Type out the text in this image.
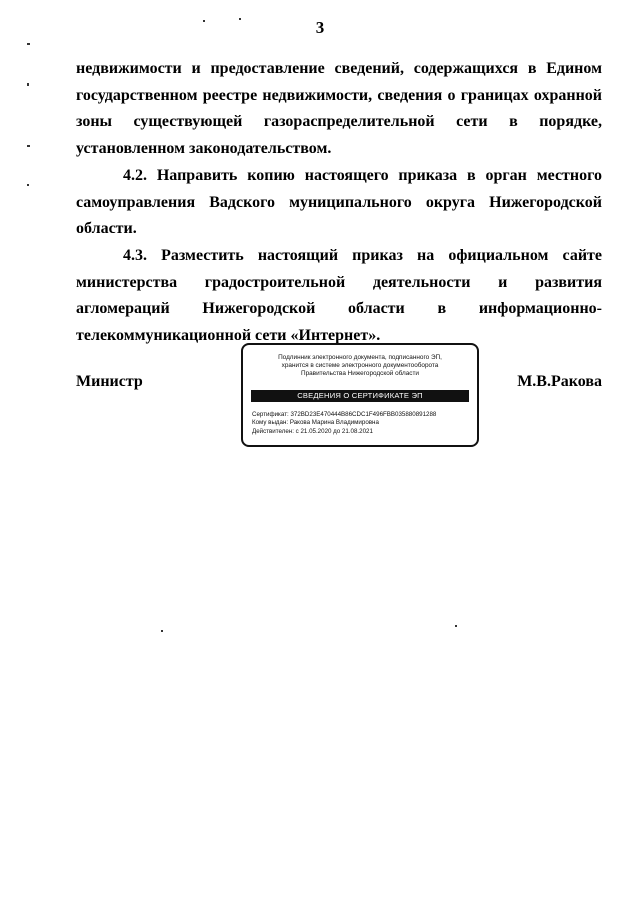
3

недвижимости и предоставление сведений, содержащихся в Едином государственном реестре недвижимости, сведения о границах охранной зоны существующей газораспределительной сети в порядке, установленном законодательством.

4.2. Направить копию настоящего приказа в орган местного самоуправления Вадского муниципального округа Нижегородской области.

4.3. Разместить настоящий приказ на официальном сайте министерства градостроительной деятельности и развития агломераций Нижегородской области в информационно-телекоммуникационной сети «Интернет».

Министр	М.В.Ракова
Подлинник электронного документа, подписанного ЭП,
хранится в системе электронного документооборота
Правительства Нижегородской области
СВЕДЕНИЯ О СЕРТИФИКАТЕ ЭП
Сертификат: 372BD23E470444B86CDC1F496FBB035880891288
Кому выдан: Ракова Марина Владимировна
Действителен: с 21.05.2020 до 21.08.2021
